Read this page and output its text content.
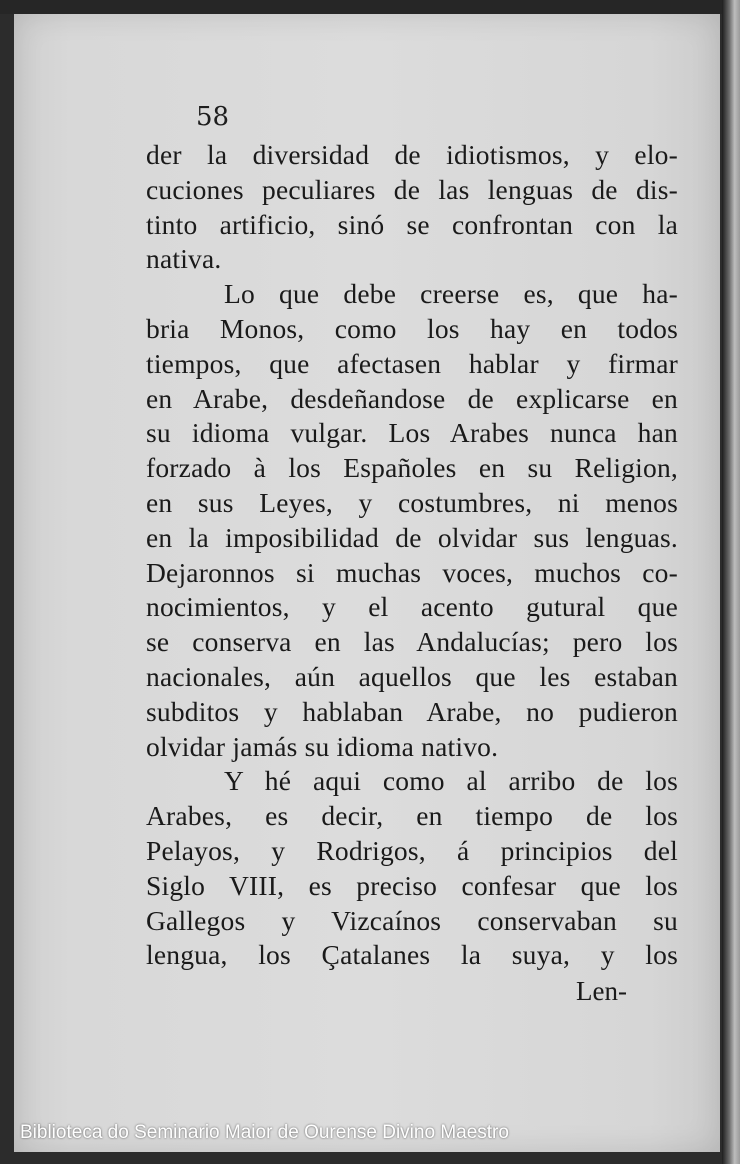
58
der la diversidad de idiotismos, y elo-
cuciones peculiares de las lenguas de dis-
tinto artificio, sinó se confrontan con la
nativa.
Lo que debe creerse es, que ha-
bria Monos, como los hay en todos
tiempos, que afectasen hablar y firmar
en Arabe, desdeñandose de explicarse en
su idioma vulgar. Los Arabes nunca han
forzado à los Españoles en su Religion,
en sus Leyes, y costumbres, ni menos
en la imposibilidad de olvidar sus lenguas.
Dejaronnos si muchas voces, muchos co-
nocimientos, y el acento gutural que
se conserva en las Andalucías; pero los
nacionales, aún aquellos que les estaban
subditos y hablaban Arabe, no pudieron
olvidar jamás su idioma nativo.
Y hé aqui como al arribo de los
Arabes, es decir, en tiempo de los
Pelayos, y Rodrigos, á principios del
Siglo VIII, es preciso confesar que los
Gallegos y Vizcaínos conservaban su
lengua, los Çatalanes la suya, y los
Len-
Biblioteca do Seminario Maior de Ourense Divino Maestro
